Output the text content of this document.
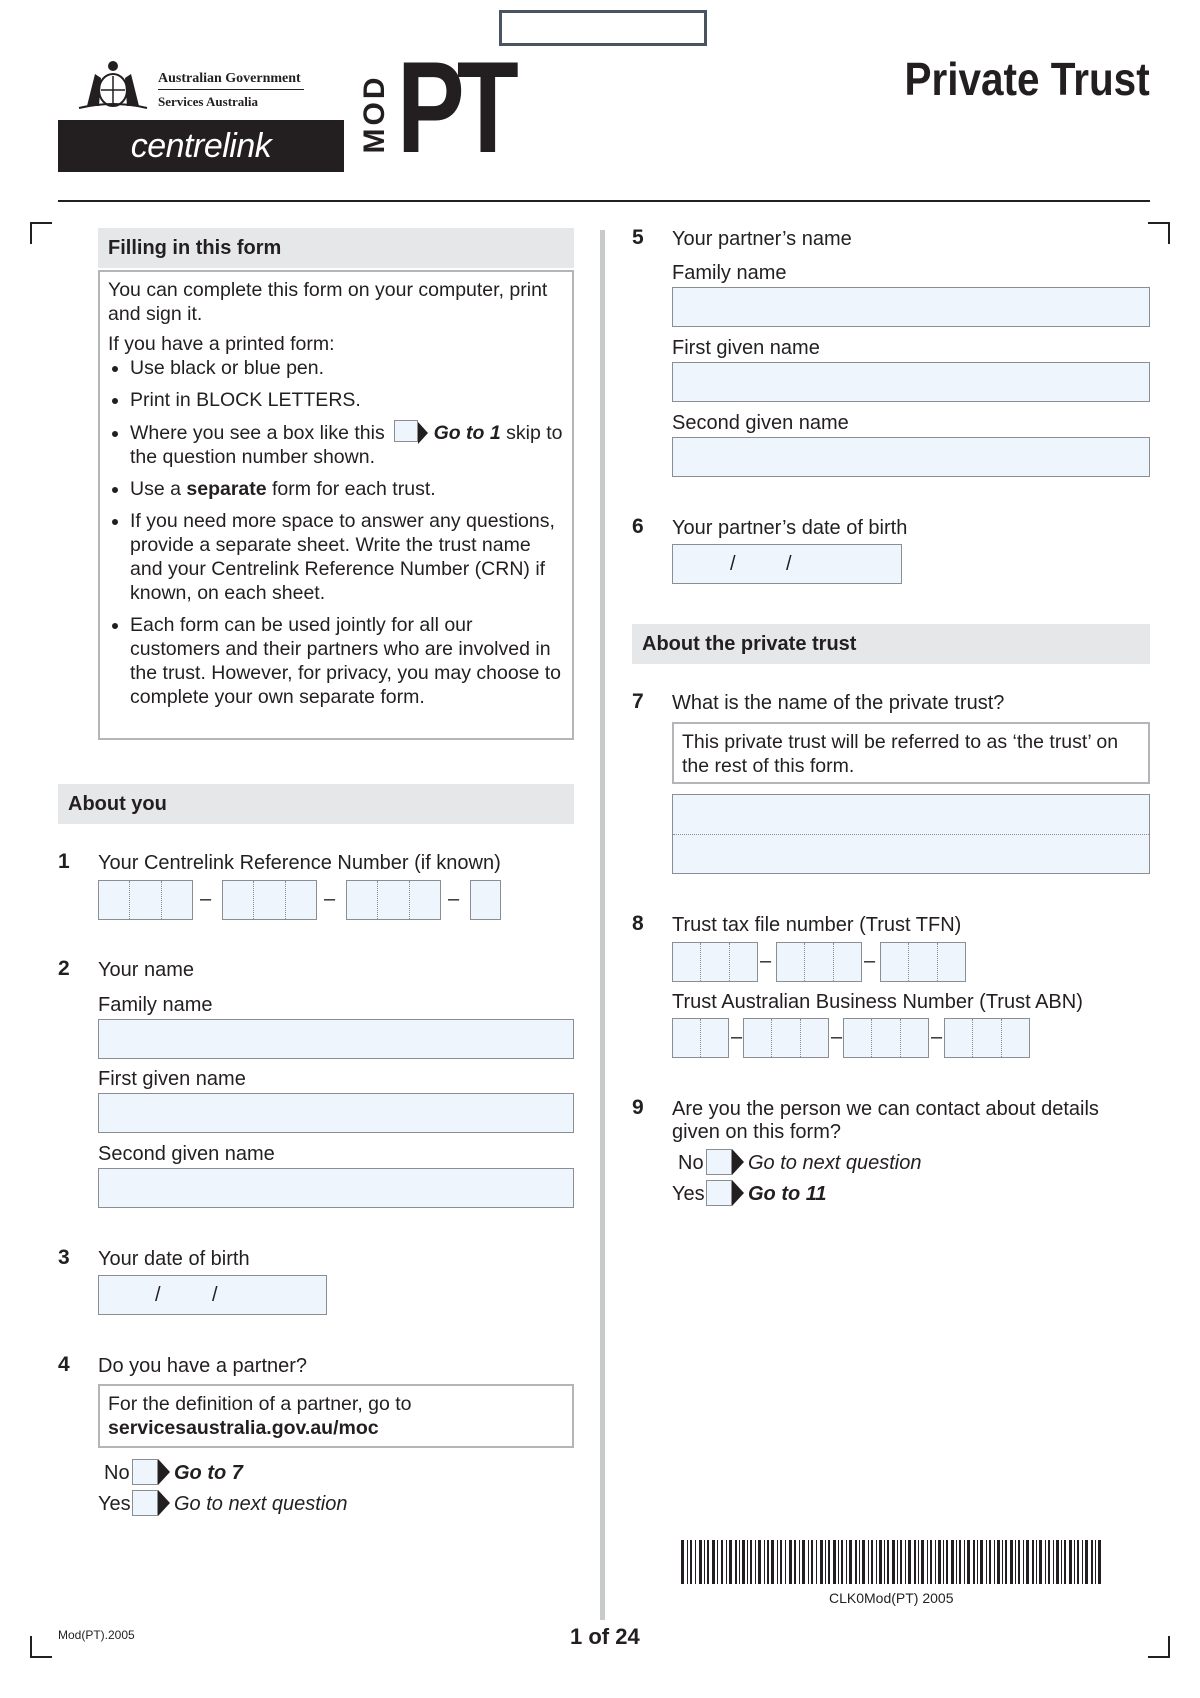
Australian Government
Services Australia
centrelink	MOD PT	Private Trust
Filling in this form

You can complete this form on your computer, print and sign it.

If you have a printed form:

• Use black or blue pen.
• Print in BLOCK LETTERS.
• Where you see a box like this	Go to 1 skip to the question number shown.
• Use a separate form for each trust.
• If you need more space to answer any questions, provide a separate sheet. Write the trust name and your Centrelink Reference Number (CRN) if known, on each sheet.
• Each form can be used jointly for all our customers and their partners who are involved in the trust. However, for privacy, you may choose to complete your own separate form.
About you
1 Your Centrelink Reference Number (if known)
–	–	–
2 Your name
Family name
First given name
Second given name
3 Your date of birth
/	/
4 Do you have a partner?
For the definition of a partner, go to
servicesaustralia.gov.au/moc
No Go to 7
Yes Go to next question
5 Your partner’s name
Family name
First given name
Second given name
6 Your partner’s date of birth
/	/
About the private trust
7 What is the name of the private trust?
This private trust will be referred to as ‘the trust’ on the rest of this form.
8 Trust tax file number (Trust TFN)
–	–
Trust Australian Business Number (Trust ABN)
–	–	–
9 Are you the person we can contact about details given on this form?
No Go to next question
Yes Go to 11
CLK0Mod(PT) 2005
Mod(PT).2005	1 of 24
